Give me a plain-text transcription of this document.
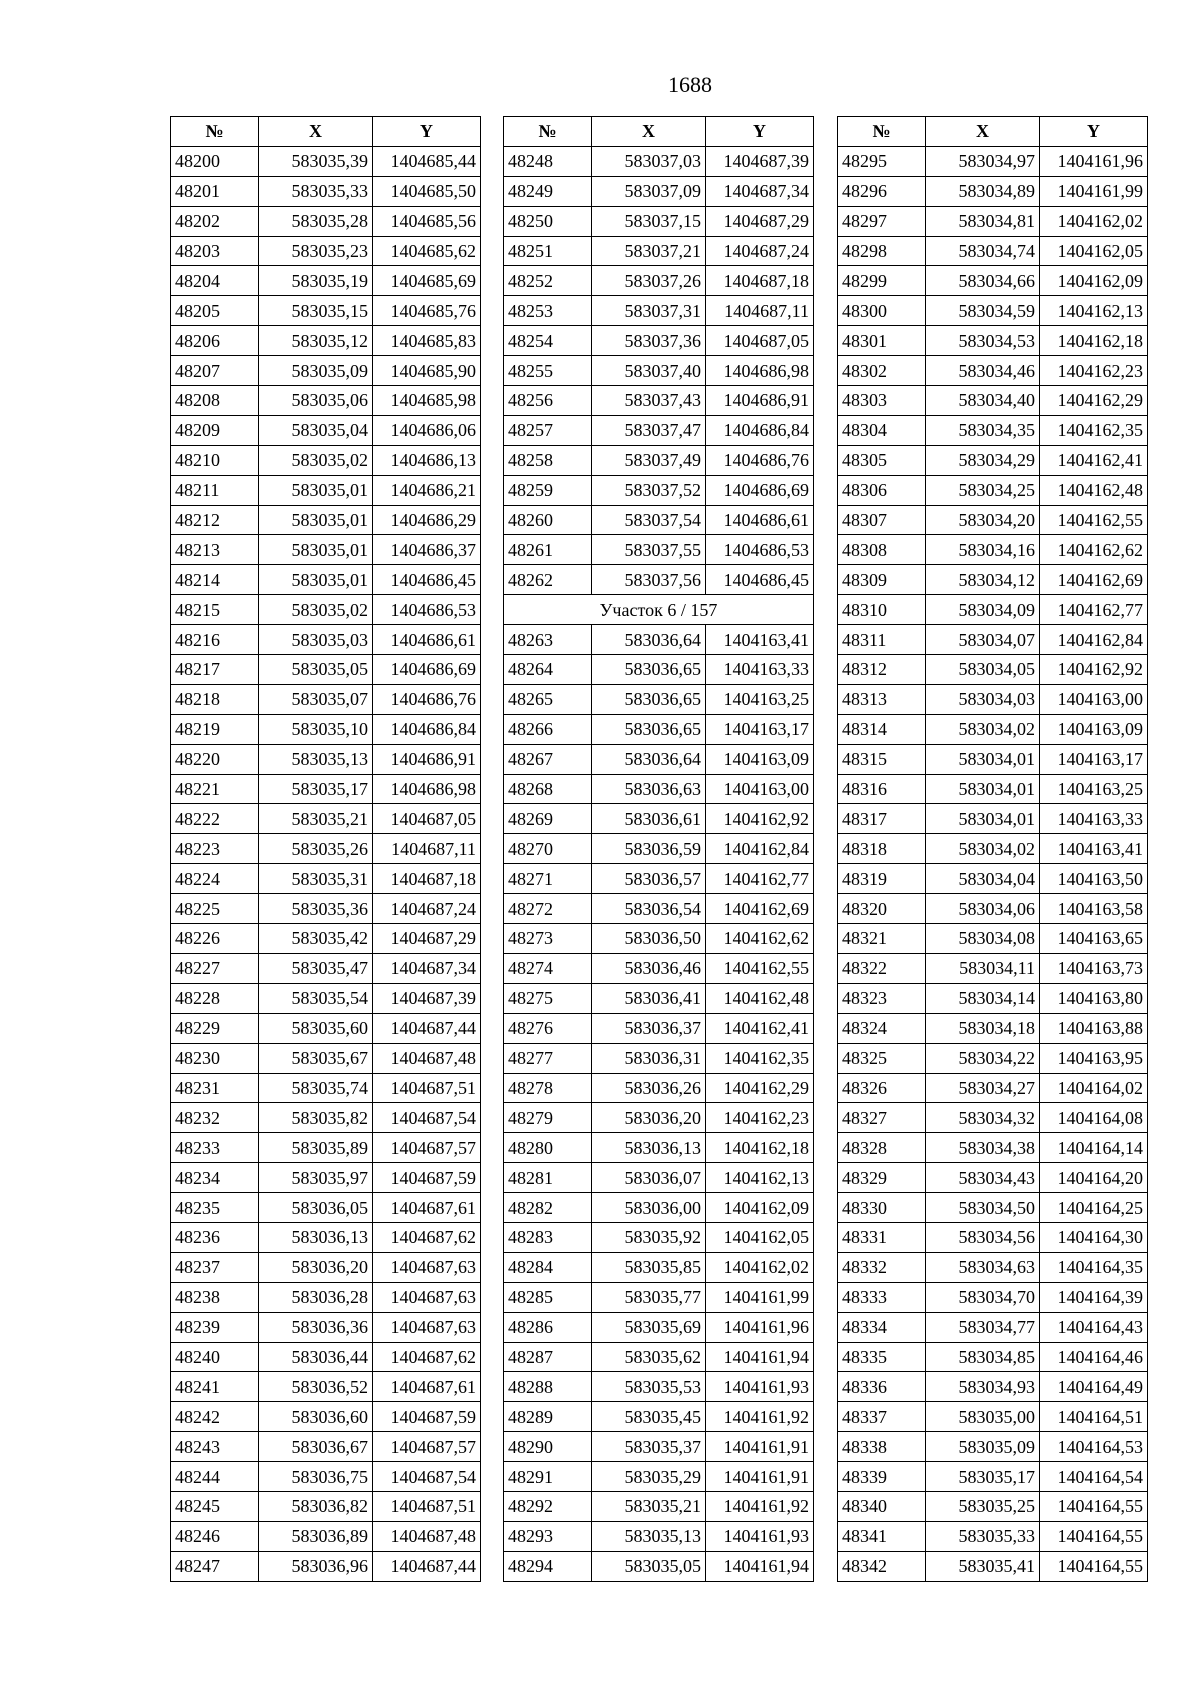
1688
№	X	Y
48200	583035,39	1404685,44
48201	583035,33	1404685,50
48202	583035,28	1404685,56
48203	583035,23	1404685,62
48204	583035,19	1404685,69
48205	583035,15	1404685,76
48206	583035,12	1404685,83
48207	583035,09	1404685,90
48208	583035,06	1404685,98
48209	583035,04	1404686,06
48210	583035,02	1404686,13
48211	583035,01	1404686,21
48212	583035,01	1404686,29
48213	583035,01	1404686,37
48214	583035,01	1404686,45
48215	583035,02	1404686,53
48216	583035,03	1404686,61
48217	583035,05	1404686,69
48218	583035,07	1404686,76
48219	583035,10	1404686,84
48220	583035,13	1404686,91
48221	583035,17	1404686,98
48222	583035,21	1404687,05
48223	583035,26	1404687,11
48224	583035,31	1404687,18
48225	583035,36	1404687,24
48226	583035,42	1404687,29
48227	583035,47	1404687,34
48228	583035,54	1404687,39
48229	583035,60	1404687,44
48230	583035,67	1404687,48
48231	583035,74	1404687,51
48232	583035,82	1404687,54
48233	583035,89	1404687,57
48234	583035,97	1404687,59
48235	583036,05	1404687,61
48236	583036,13	1404687,62
48237	583036,20	1404687,63
48238	583036,28	1404687,63
48239	583036,36	1404687,63
48240	583036,44	1404687,62
48241	583036,52	1404687,61
48242	583036,60	1404687,59
48243	583036,67	1404687,57
48244	583036,75	1404687,54
48245	583036,82	1404687,51
48246	583036,89	1404687,48
48247	583036,96	1404687,44
№	X	Y
48248	583037,03	1404687,39
48249	583037,09	1404687,34
48250	583037,15	1404687,29
48251	583037,21	1404687,24
48252	583037,26	1404687,18
48253	583037,31	1404687,11
48254	583037,36	1404687,05
48255	583037,40	1404686,98
48256	583037,43	1404686,91
48257	583037,47	1404686,84
48258	583037,49	1404686,76
48259	583037,52	1404686,69
48260	583037,54	1404686,61
48261	583037,55	1404686,53
48262	583037,56	1404686,45
Участок 6 / 157		
48263	583036,64	1404163,41
48264	583036,65	1404163,33
48265	583036,65	1404163,25
48266	583036,65	1404163,17
48267	583036,64	1404163,09
48268	583036,63	1404163,00
48269	583036,61	1404162,92
48270	583036,59	1404162,84
48271	583036,57	1404162,77
48272	583036,54	1404162,69
48273	583036,50	1404162,62
48274	583036,46	1404162,55
48275	583036,41	1404162,48
48276	583036,37	1404162,41
48277	583036,31	1404162,35
48278	583036,26	1404162,29
48279	583036,20	1404162,23
48280	583036,13	1404162,18
48281	583036,07	1404162,13
48282	583036,00	1404162,09
48283	583035,92	1404162,05
48284	583035,85	1404162,02
48285	583035,77	1404161,99
48286	583035,69	1404161,96
48287	583035,62	1404161,94
48288	583035,53	1404161,93
48289	583035,45	1404161,92
48290	583035,37	1404161,91
48291	583035,29	1404161,91
48292	583035,21	1404161,92
48293	583035,13	1404161,93
48294	583035,05	1404161,94
№	X	Y
48295	583034,97	1404161,96
48296	583034,89	1404161,99
48297	583034,81	1404162,02
48298	583034,74	1404162,05
48299	583034,66	1404162,09
48300	583034,59	1404162,13
48301	583034,53	1404162,18
48302	583034,46	1404162,23
48303	583034,40	1404162,29
48304	583034,35	1404162,35
48305	583034,29	1404162,41
48306	583034,25	1404162,48
48307	583034,20	1404162,55
48308	583034,16	1404162,62
48309	583034,12	1404162,69
48310	583034,09	1404162,77
48311	583034,07	1404162,84
48312	583034,05	1404162,92
48313	583034,03	1404163,00
48314	583034,02	1404163,09
48315	583034,01	1404163,17
48316	583034,01	1404163,25
48317	583034,01	1404163,33
48318	583034,02	1404163,41
48319	583034,04	1404163,50
48320	583034,06	1404163,58
48321	583034,08	1404163,65
48322	583034,11	1404163,73
48323	583034,14	1404163,80
48324	583034,18	1404163,88
48325	583034,22	1404163,95
48326	583034,27	1404164,02
48327	583034,32	1404164,08
48328	583034,38	1404164,14
48329	583034,43	1404164,20
48330	583034,50	1404164,25
48331	583034,56	1404164,30
48332	583034,63	1404164,35
48333	583034,70	1404164,39
48334	583034,77	1404164,43
48335	583034,85	1404164,46
48336	583034,93	1404164,49
48337	583035,00	1404164,51
48338	583035,09	1404164,53
48339	583035,17	1404164,54
48340	583035,25	1404164,55
48341	583035,33	1404164,55
48342	583035,41	1404164,55
